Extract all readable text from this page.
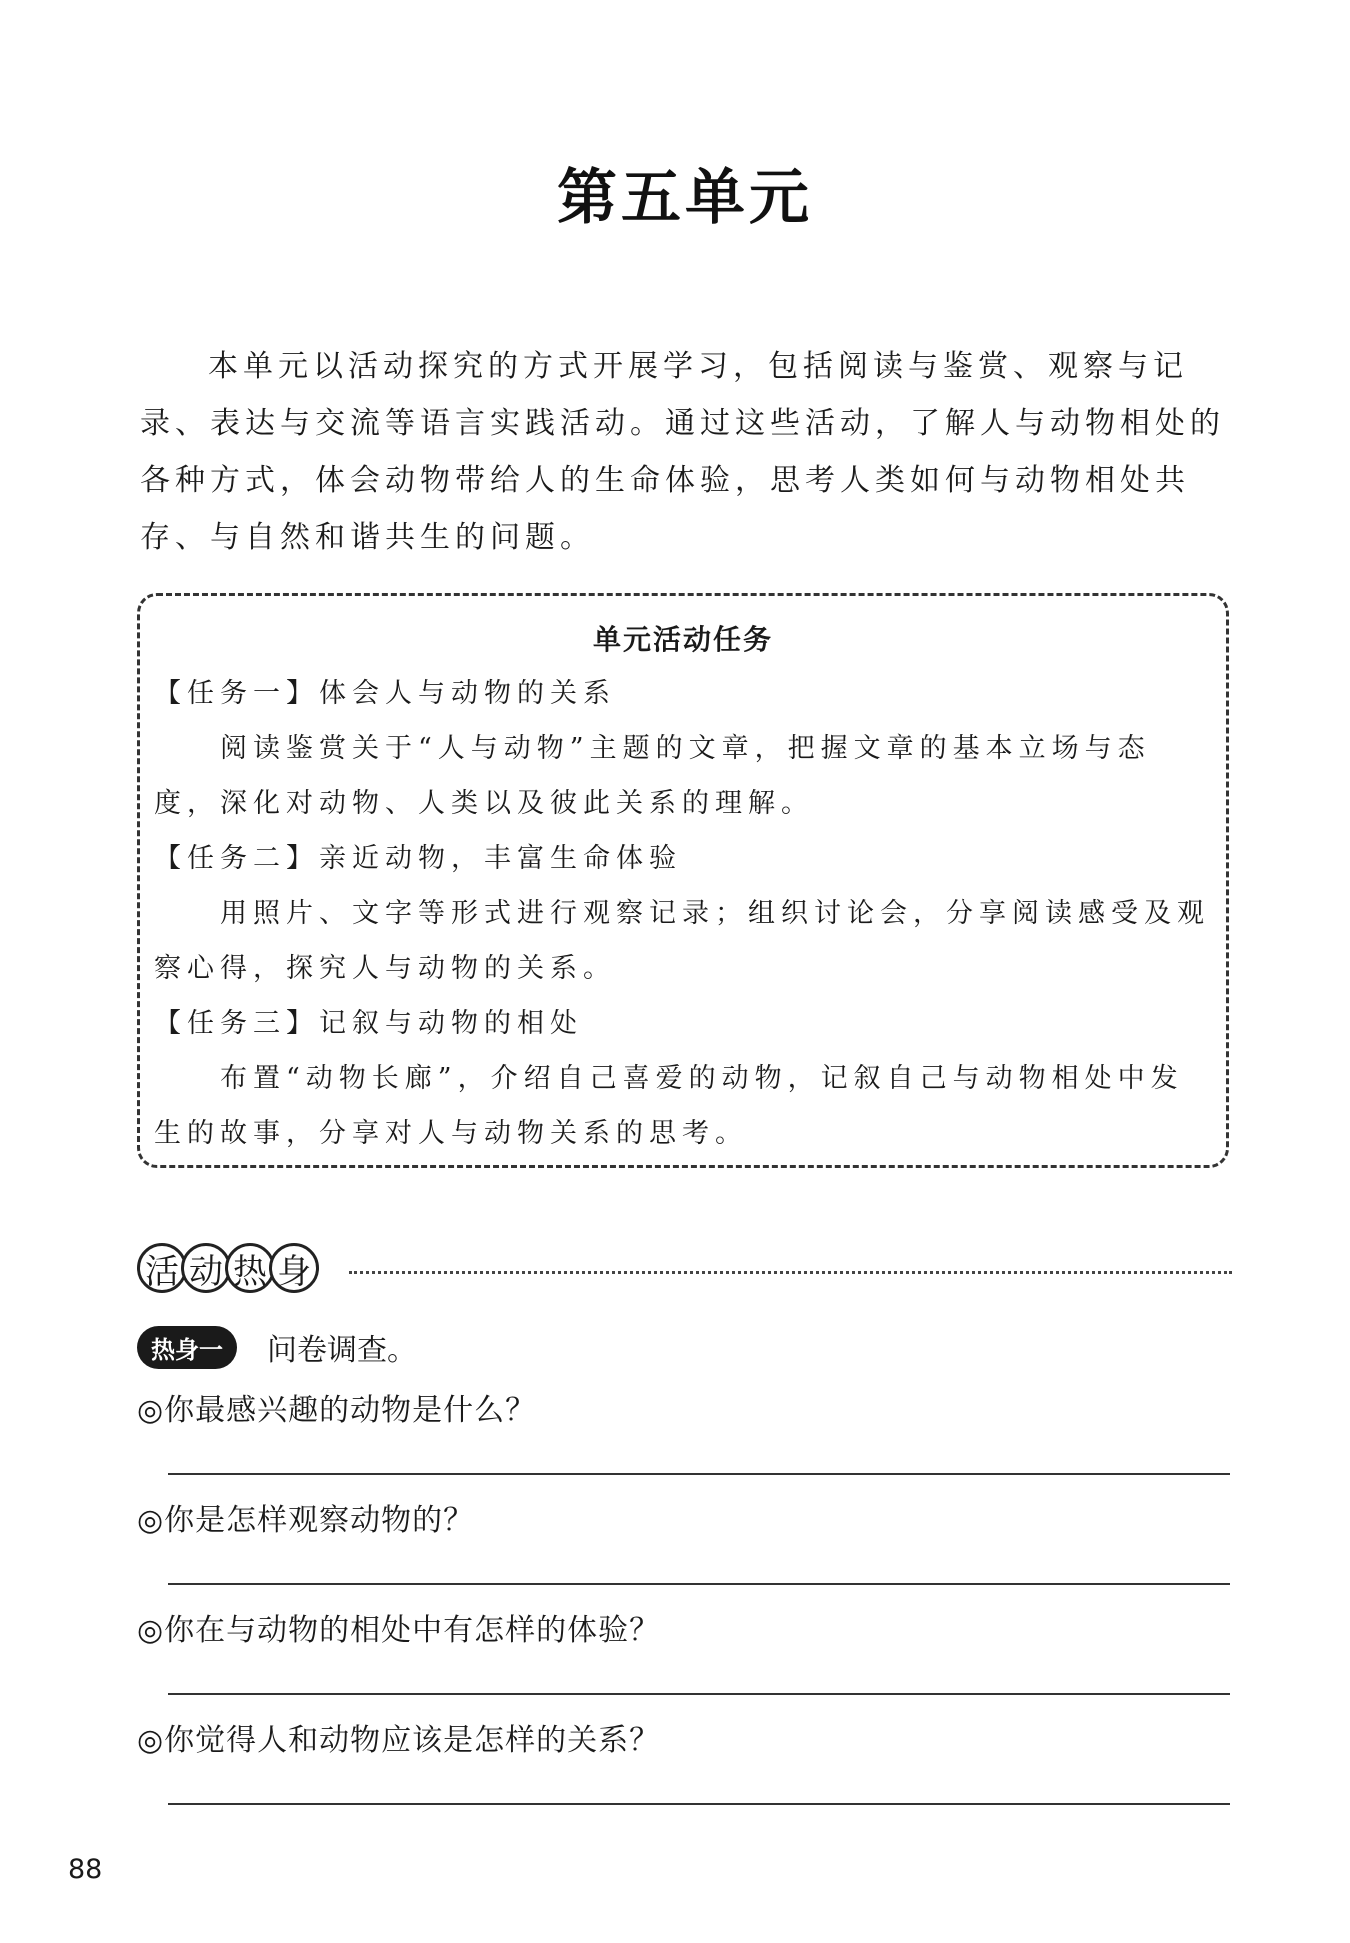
第五单元

本单元以活动探究的方式开展学习，包括阅读与鉴赏、观察与记录、表达与交流等语言实践活动。通过这些活动，了解人与动物相处的各种方式，体会动物带给人的生命体验，思考人类如何与动物相处共存、与自然和谐共生的问题。

单元活动任务

【任务一】体会人与动物的关系

阅读鉴赏关于“人与动物”主题的文章，把握文章的基本立场与态度，深化对动物、人类以及彼此关系的理解。

【任务二】亲近动物，丰富生命体验

用照片、文字等形式进行观察记录；组织讨论会，分享阅读感受及观察心得，探究人与动物的关系。

【任务三】记叙与动物的相处

布置“动物长廊”，介绍自己喜爱的动物，记叙自己与动物相处中发生的故事，分享对人与动物关系的思考。

活 动 热 身
热身一	问卷调查。
◎你最感兴趣的动物是什么？
◎你是怎样观察动物的？
◎你在与动物的相处中有怎样的体验？
◎你觉得人和动物应该是怎样的关系？
88
